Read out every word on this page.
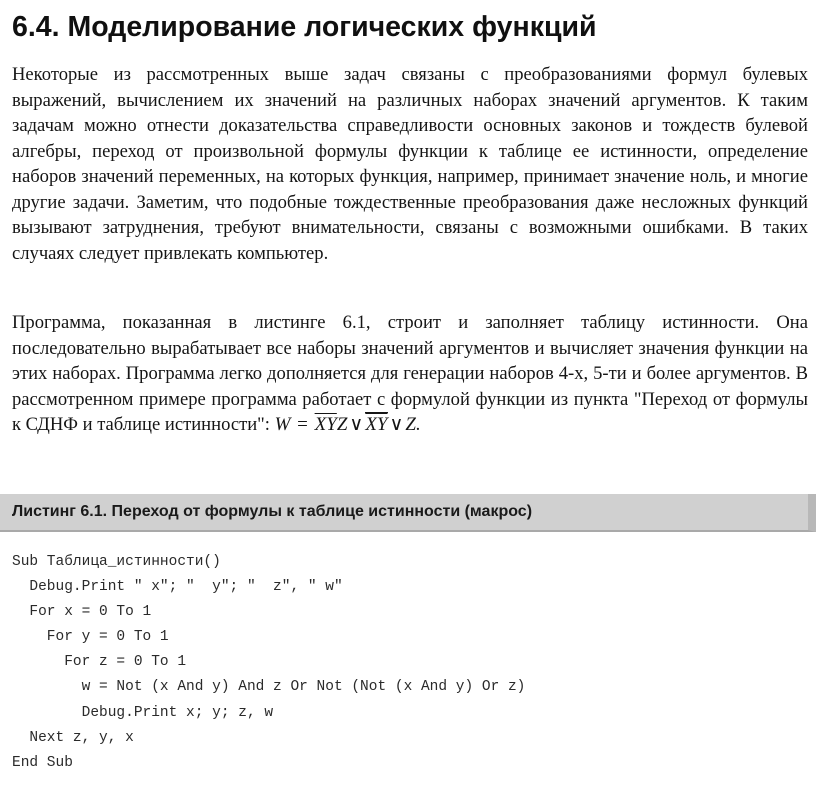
6.4. Моделирование логических функций

Некоторые из рассмотренных выше задач связаны с преобразованиями формул булевых выражений, вычислением их значений на различных наборах значений аргументов. К таким задачам можно отнести доказательства справедливости основных законов и тождеств булевой алгебры, переход от произвольной формулы функции к таблице ее истинности, определение наборов значений переменных, на которых функция, например, принимает значение ноль, и многие другие задачи. Заметим, что подобные тождественные преобразования даже несложных функций вызывают затруднения, требуют внимательности, связаны с возможными ошибками. В таких случаях следует привлекать компьютер.

Программа, показанная в листинге 6.1, строит и заполняет таблицу истинности. Она последовательно вырабатывает все наборы значений аргументов и вычисляет значения функции на этих наборах. Программа легко дополняется для генерации наборов 4-х, 5-ти и более аргументов. В рассмотренном примере программа работает с формулой функции из пункта "Переход от формулы к СДНФ и таблице истинности": $W = \overline{XY}Z$ ∨ $\overline{XY}$ ∨ Z.

Листинг 6.1. Переход от формулы к таблице истинности (макрос)
Sub Таблица_истинности()
Debug.Print " x"; "  y"; "  z", " w"
For x = 0 To 1
For y = 0 To 1
For z = 0 To 1
w = Not (x And y) And z Or Not (Not (x And y) Or z)
Debug.Print x; y; z, w
Next z, y, x
End Sub
